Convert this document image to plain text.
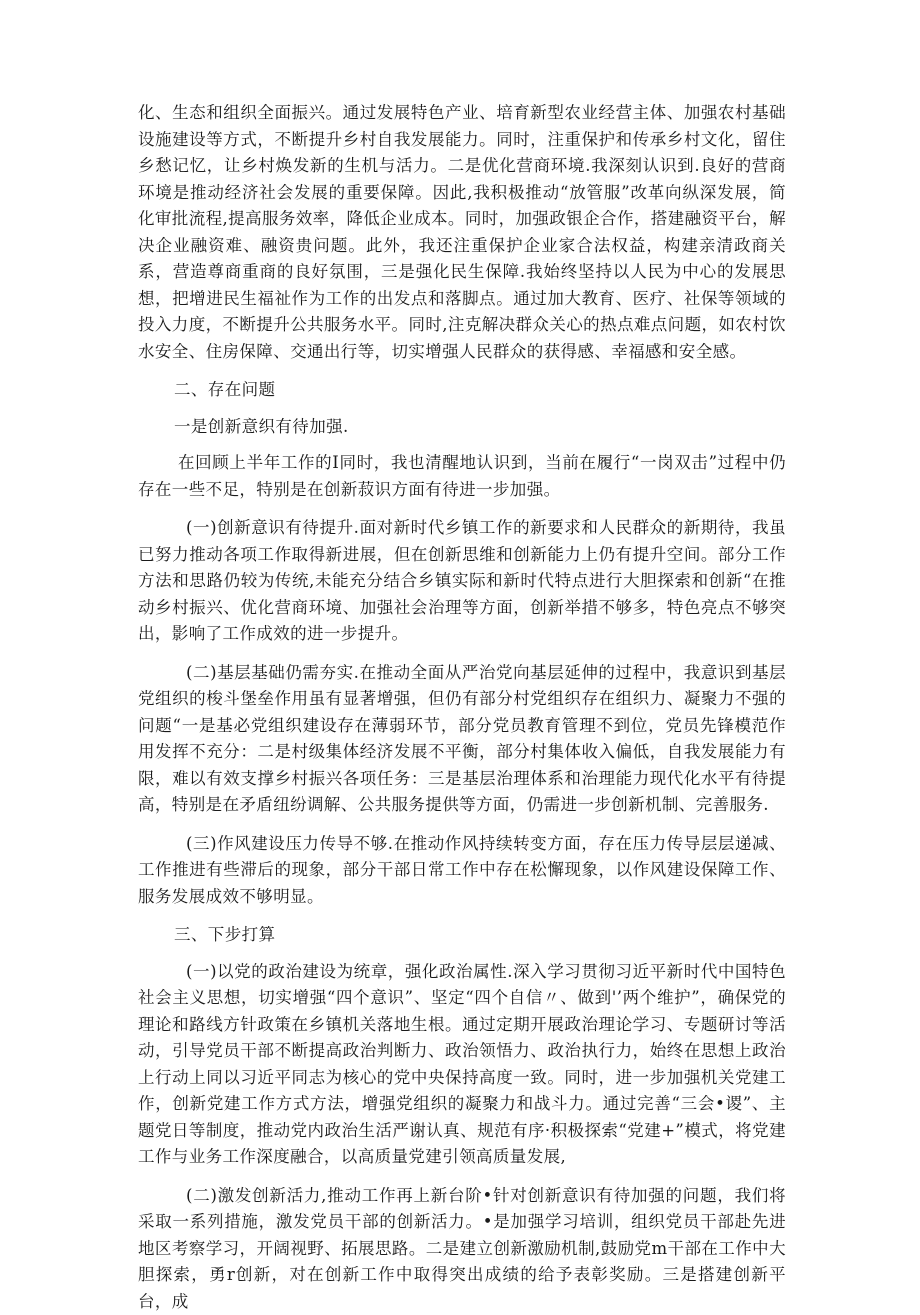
化、生态和组织全面振兴。通过发展特色产业、培育新型农业经营主体、加强农村基础设施建设等方式，不断提升乡村自我发展能力。同时，注重保护和传承乡村文化，留住乡愁记忆，让乡村焕发新的生机与活力。二是优化营商环境.我深刻认识到.良好的营商环境是推动经济社会发展的重要保障。因此,我积极推动“放管服”改革向纵深发展，简化审批流程,提高服务效率，降低企业成本。同时，加强政银企合作，搭建融资平台，解决企业融资难、融资贵问题。此外，我还注重保护企业家合法权益，构建亲清政商关系，营造尊商重商的良好氛围，三是强化民生保障.我始终坚持以人民为中心的发展思想，把增进民生福祉作为工作的出发点和落脚点。通过加大教育、医疗、社保等领域的投入力度，不断提升公共服务水平。同时,注克解决群众关心的热点难点问题，如农村饮水安全、住房保障、交通出行等，切实增强人民群众的获得感、幸福感和安全感。

二、存在问题

一是创新意织有待加强.

在回顾上半年工作的I同时，我也清醒地认识到，当前在履行“一岗双击”过程中仍存在一些不足，特别是在创新菽识方面有待进一步加强。

(一)创新意识有待提升.面对新时代乡镇工作的新要求和人民群众的新期待，我虽已努力推动各项工作取得新进展，但在创新思维和创新能力上仍有提升空间。部分工作方法和思路仍较为传统,未能充分结合乡镇实际和新时代特点进行大胆探索和创新“在推动乡村振兴、优化营商环境、加强社会治理等方面，创新举措不够多，特色亮点不够突出，影响了工作成效的进一步提升。

(二)基层基础仍需夯实.在推动全面从严治党向基层延伸的过程中，我意识到基层党组织的梭斗堡垒作用虽有显著增强，但仍有部分村党组织存在组织力、凝聚力不强的问题“一是基必党组织建设存在薄弱环节，部分党员教育管理不到位，党员先锋模范作用发挥不充分：二是村级集体经济发展不平衡，部分村集体收入偏低，自我发展能力有限，难以有效支撑乡村振兴各项任务：三是基层治理体系和治理能力现代化水平有待提高，特别是在矛盾纽纷调解、公共服务提供等方面，仍需进一步创新机制、完善服务.

(三)作风建设压力传导不够.在推动作风持续转变方面，存在压力传导层层递减、工作推进有些滞后的现象，部分干部日常工作中存在松懈现象，以作风建设保障工作、服务发展成效不够明显。

三、下步打算

(一)以党的政治建设为统章，强化政治属性.深入学习贯彻习近平新时代中国特色社会主义思想，切实增强“四个意识”、坚定“四个自信〃、做到'’两个维护”，确保党的理论和路线方针政策在乡镇机关落地生根。通过定期开展政治理论学习、专题研讨等活动，引导党员干部不断提高政治判断力、政治领悟力、政治执行力，始终在思想上政治上行动上同以习近平同志为核心的党中央保持高度一致。同时，进一步加强机关党建工作，创新党建工作方式方法，增强党组织的凝聚力和战斗力。通过完善“三会•谡”、主题党日等制度，推动党内政治生活严谢认真、规范有序·积极探索“党建+”模式，将党建工作与业务工作深度融合，以高质量党建引领高质量发展,

(二)激发创新活力,推动工作再上新台阶•针对创新意识有待加强的问题，我们将采取一系列措施，激发党员干部的创新活力。•是加强学习培训，组织党员干部赴先进地区考察学习，开阔视野、拓展思路。二是建立创新激励机制,鼓励党m干部在工作中大胆探索，勇r创新，对在创新工作中取得突出成绩的给予表彰奖励。三是搭建创新平台，成
